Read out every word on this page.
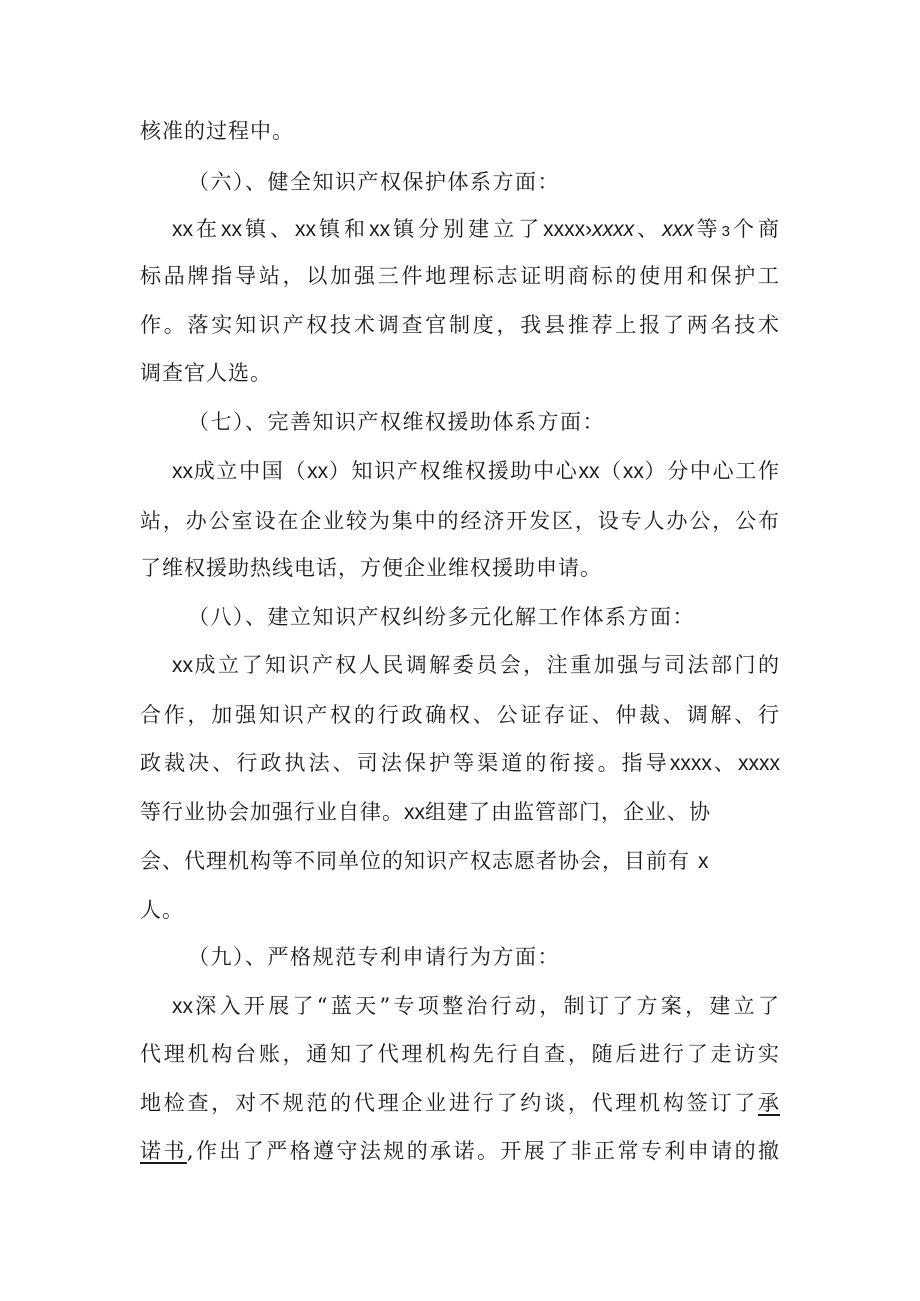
核准的过程中。
（六）、健全知识产权保护体系方面：
xx在xx镇、xx镇和xx镇分别建立了xxxx›xxxx、xxx等3个商
标品牌指导站，以加强三件地理标志证明商标的使用和保护工
作。落实知识产权技术调查官制度，我县推荐上报了两名技术
调查官人选。
（七）、完善知识产权维权援助体系方面：
xx成立中国（xx）知识产权维权援助中心xx（xx）分中心工作
站，办公室设在企业较为集中的经济开发区，设专人办公，公布
了维权援助热线电话，方便企业维权援助申请。
（八）、建立知识产权纠纷多元化解工作体系方面：
xx成立了知识产权人民调解委员会，注重加强与司法部门的
合作，加强知识产权的行政确权、公证存证、仲裁、调解、行
政裁决、行政执法、司法保护等渠道的衔接。指导xxxx、xxxx
等行业协会加强行业自律。xx组建了由监管部门，企业、协
会、代理机构等不同单位的知识产权志愿者协会，目前有 x
人。
（九）、严格规范专利申请行为方面：
xx深入开展了“蓝天”专项整治行动，制订了方案，建立了
代理机构台账，通知了代理机构先行自查，随后进行了走访实
地检查，对不规范的代理企业进行了约谈，代理机构签订了承
诺书,作出了严格遵守法规的承诺。开展了非正常专利申请的撤
